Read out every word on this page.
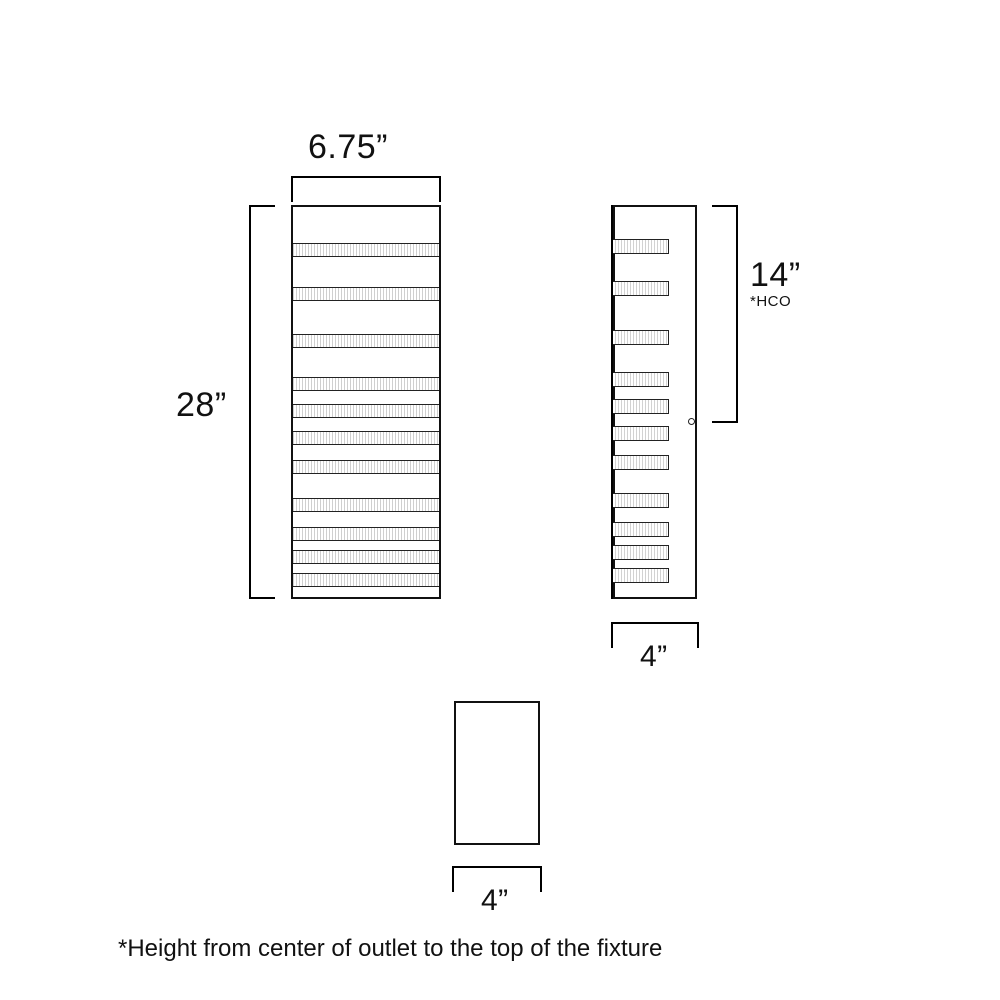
6.75”
28”
14”
*HCO
4”
4”
*Height from center of outlet to the top of the fixture
